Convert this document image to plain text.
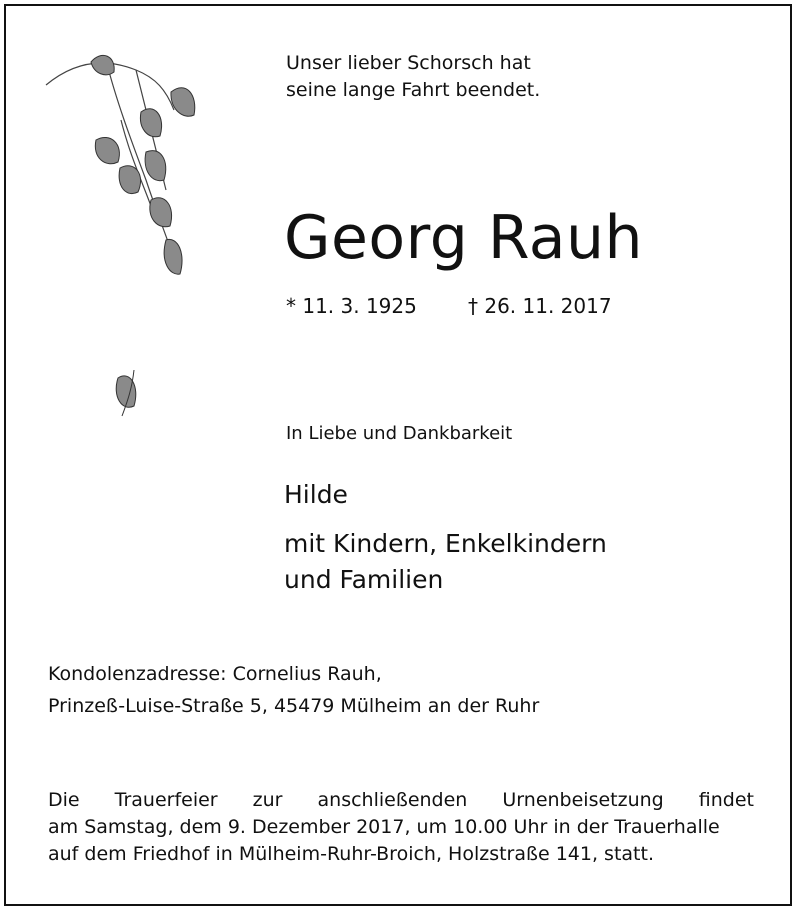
Unser lieber Schorsch hat
seine lange Fahrt beendet.
Georg Rauh
* 11. 3. 1925	† 26. 11. 2017
In Liebe und Dankbarkeit
Hilde
mit Kindern, Enkelkindern
und Familien
Kondolenzadresse: Cornelius Rauh,
Prinzeß-Luise-Straße 5, 45479 Mülheim an der Ruhr
Die Trauerfeier zur anschließenden Urnenbeisetzung findet
am Samstag, dem 9. Dezember 2017, um 10.00 Uhr in der Trauerhalle
auf dem Friedhof in Mülheim-Ruhr-Broich, Holzstraße 141, statt.
